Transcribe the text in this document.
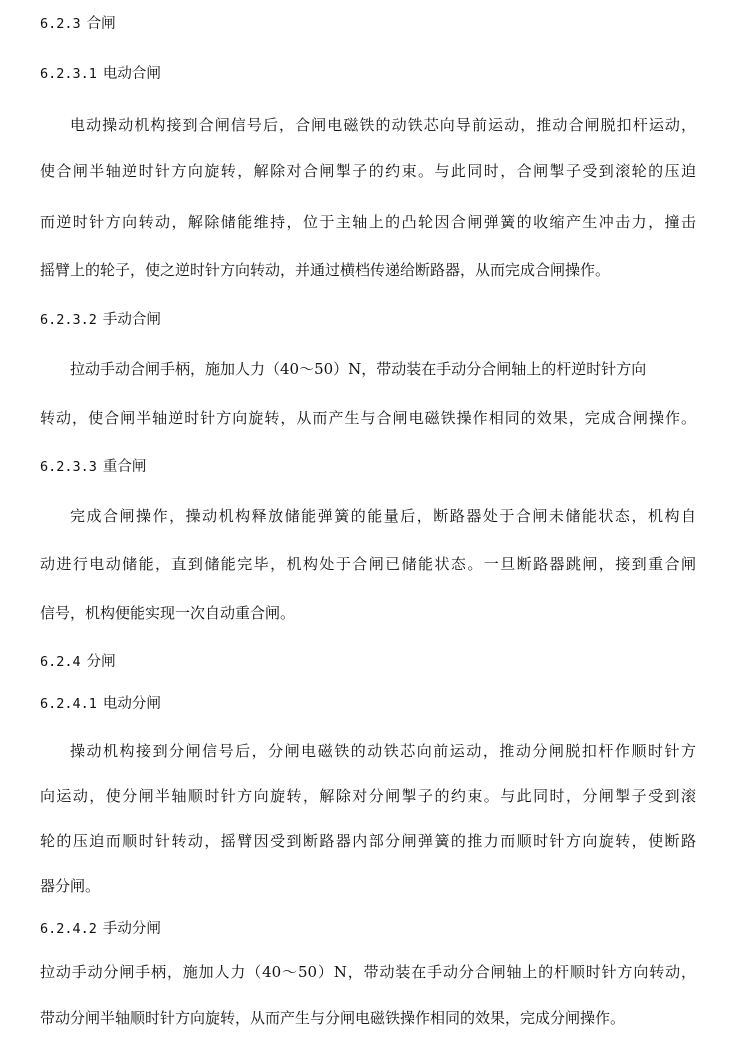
6.2.3 合闸
6.2.3.1 电动合闸

电动操动机构接到合闸信号后，合闸电磁铁的动铁芯向导前运动，推动合闸脱扣杆运动，

使合闸半轴逆时针方向旋转，解除对合闸掣子的约束。与此同时，合闸掣子受到滚轮的压迫

而逆时针方向转动，解除储能维持，位于主轴上的凸轮因合闸弹簧的收缩产生冲击力，撞击

摇臂上的轮子，使之逆时针方向转动，并通过横档传递给断路器，从而完成合闸操作。

6.2.3.2 手动合闸

拉动手动合闸手柄，施加人力（40～50）N，带动装在手动分合闸轴上的杆逆时针方向

转动，使合闸半轴逆时针方向旋转，从而产生与合闸电磁铁操作相同的效果，完成合闸操作。

6.2.3.3 重合闸

完成合闸操作，操动机构释放储能弹簧的能量后，断路器处于合闸未储能状态，机构自

动进行电动储能，直到储能完毕，机构处于合闸已储能状态。一旦断路器跳闸，接到重合闸

信号，机构便能实现一次自动重合闸。

6.2.4 分闸
6.2.4.1 电动分闸

操动机构接到分闸信号后，分闸电磁铁的动铁芯向前运动，推动分闸脱扣杆作顺时针方

向运动，使分闸半轴顺时针方向旋转，解除对分闸掣子的约束。与此同时，分闸掣子受到滚

轮的压迫而顺时针转动，摇臂因受到断路器内部分闸弹簧的推力而顺时针方向旋转，使断路

器分闸。

6.2.4.2 手动分闸

拉动手动分闸手柄，施加人力（40～50）N，带动装在手动分合闸轴上的杆顺时针方向转动，

带动分闸半轴顺时针方向旋转，从而产生与分闸电磁铁操作相同的效果，完成分闸操作。
